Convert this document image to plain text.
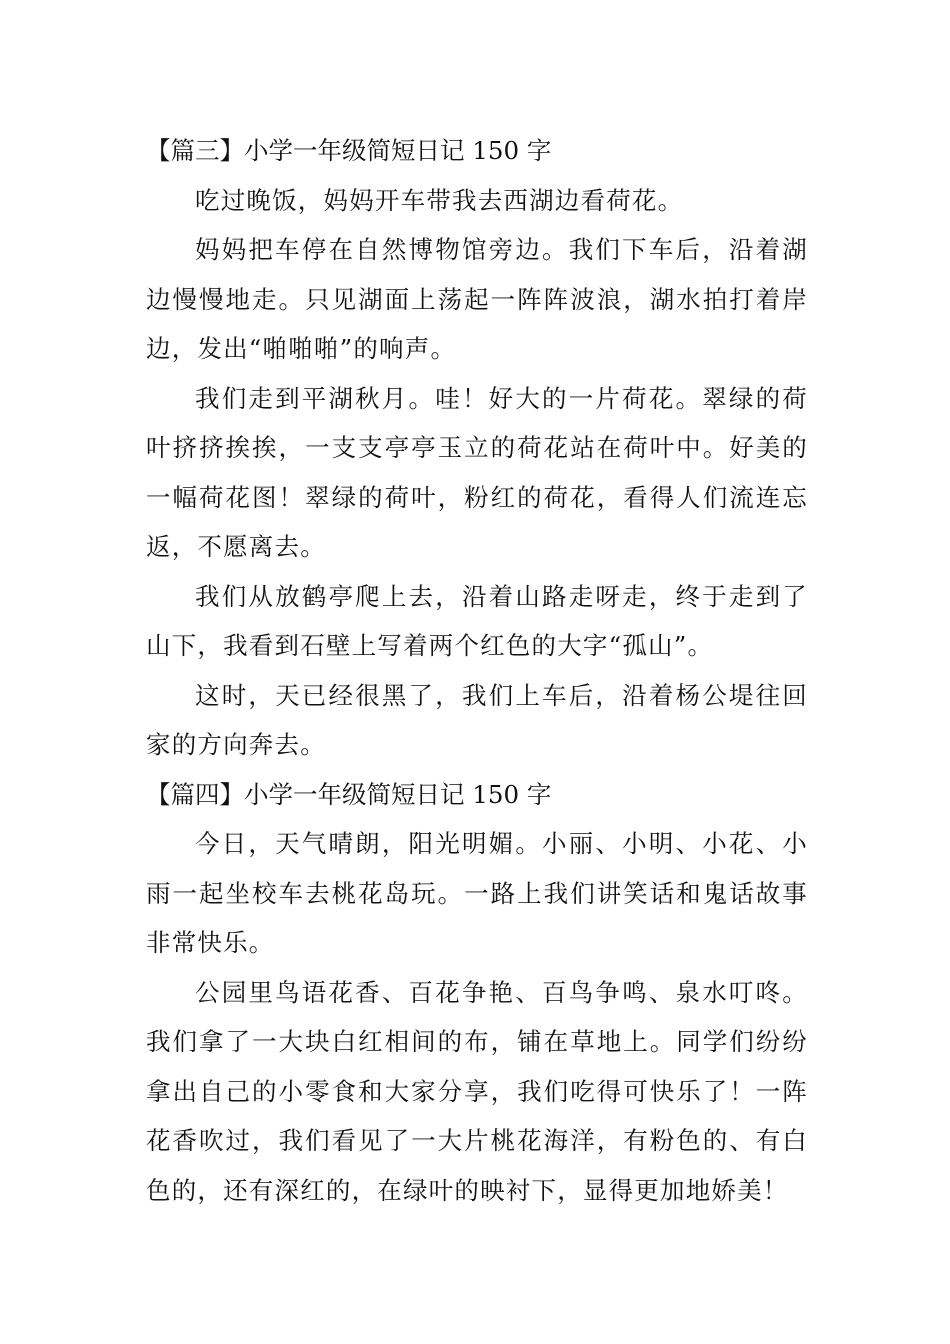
【篇三】小学一年级简短日记 150 字

吃过晚饭，妈妈开车带我去西湖边看荷花。

妈妈把车停在自然博物馆旁边。我们下车后，沿着湖边慢慢地走。只见湖面上荡起一阵阵波浪，湖水拍打着岸边，发出“啪啪啪”的响声。

我们走到平湖秋月。哇！好大的一片荷花。翠绿的荷叶挤挤挨挨，一支支亭亭玉立的荷花站在荷叶中。好美的一幅荷花图！翠绿的荷叶，粉红的荷花，看得人们流连忘返，不愿离去。

我们从放鹤亭爬上去，沿着山路走呀走，终于走到了山下，我看到石壁上写着两个红色的大字“孤山”。

这时，天已经很黑了，我们上车后，沿着杨公堤往回家的方向奔去。

【篇四】小学一年级简短日记 150 字

今日，天气晴朗，阳光明媚。小丽、小明、小花、小雨一起坐校车去桃花岛玩。一路上我们讲笑话和鬼话故事非常快乐。

公园里鸟语花香、百花争艳、百鸟争鸣、泉水叮咚。我们拿了一大块白红相间的布，铺在草地上。同学们纷纷拿出自己的小零食和大家分享，我们吃得可快乐了！一阵花香吹过，我们看见了一大片桃花海洋，有粉色的、有白色的，还有深红的，在绿叶的映衬下，显得更加地娇美！
